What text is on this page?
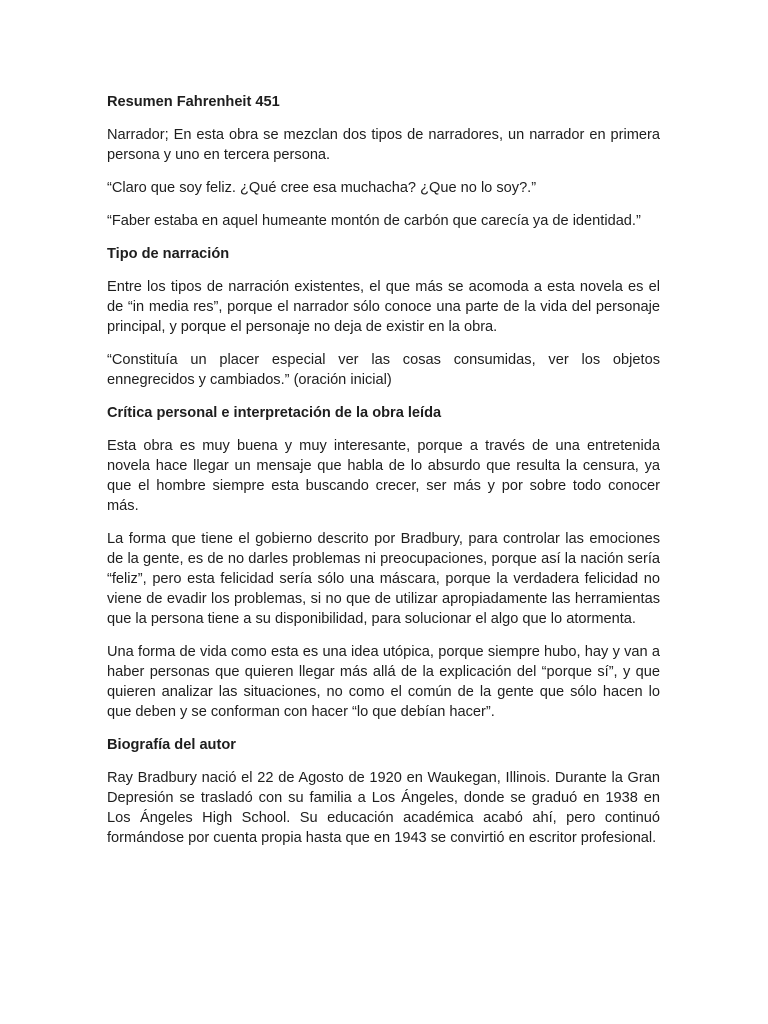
Resumen Fahrenheit 451

Narrador; En esta obra se mezclan dos tipos de narradores, un narrador en primera persona y uno en tercera persona.

“Claro que soy feliz. ¿Qué cree esa muchacha? ¿Que no lo soy?.”

“Faber estaba en aquel humeante montón de carbón que carecía ya de identidad.”

Tipo de narración

Entre los tipos de narración existentes, el que más se acomoda a esta novela es el de “in media res”, porque el narrador sólo conoce una parte de la vida del personaje principal, y porque el personaje no deja de existir en la obra.

“Constituía un placer especial ver las cosas consumidas, ver los objetos ennegrecidos y cambiados.” (oración inicial)

Crítica personal e interpretación de la obra leída

Esta obra es muy buena y muy interesante, porque a través de una entretenida novela hace llegar un mensaje que habla de lo absurdo que resulta la censura, ya que el hombre siempre esta buscando crecer, ser más y por sobre todo conocer más.

La forma que tiene el gobierno descrito por Bradbury, para controlar las emociones de la gente, es de no darles problemas ni preocupaciones, porque así la nación sería “feliz”, pero esta felicidad sería sólo una máscara, porque la verdadera felicidad no viene de evadir los problemas, si no que de utilizar apropiadamente las herramientas que la persona tiene a su disponibilidad, para solucionar el algo que lo atormenta.

Una forma de vida como esta es una idea utópica, porque siempre hubo, hay y van a haber personas que quieren llegar más allá de la explicación del “porque sí”, y que quieren analizar las situaciones, no como el común de la gente que sólo hacen lo que deben y se conforman con hacer “lo que debían hacer”.

Biografía del autor

Ray Bradbury nació el 22 de Agosto de 1920 en Waukegan, Illinois. Durante la Gran Depresión se trasladó con su familia a Los Ángeles, donde se graduó en 1938 en Los Ángeles High School. Su educación académica acabó ahí, pero continuó formándose por cuenta propia hasta que en 1943 se convirtió en escritor profesional.
